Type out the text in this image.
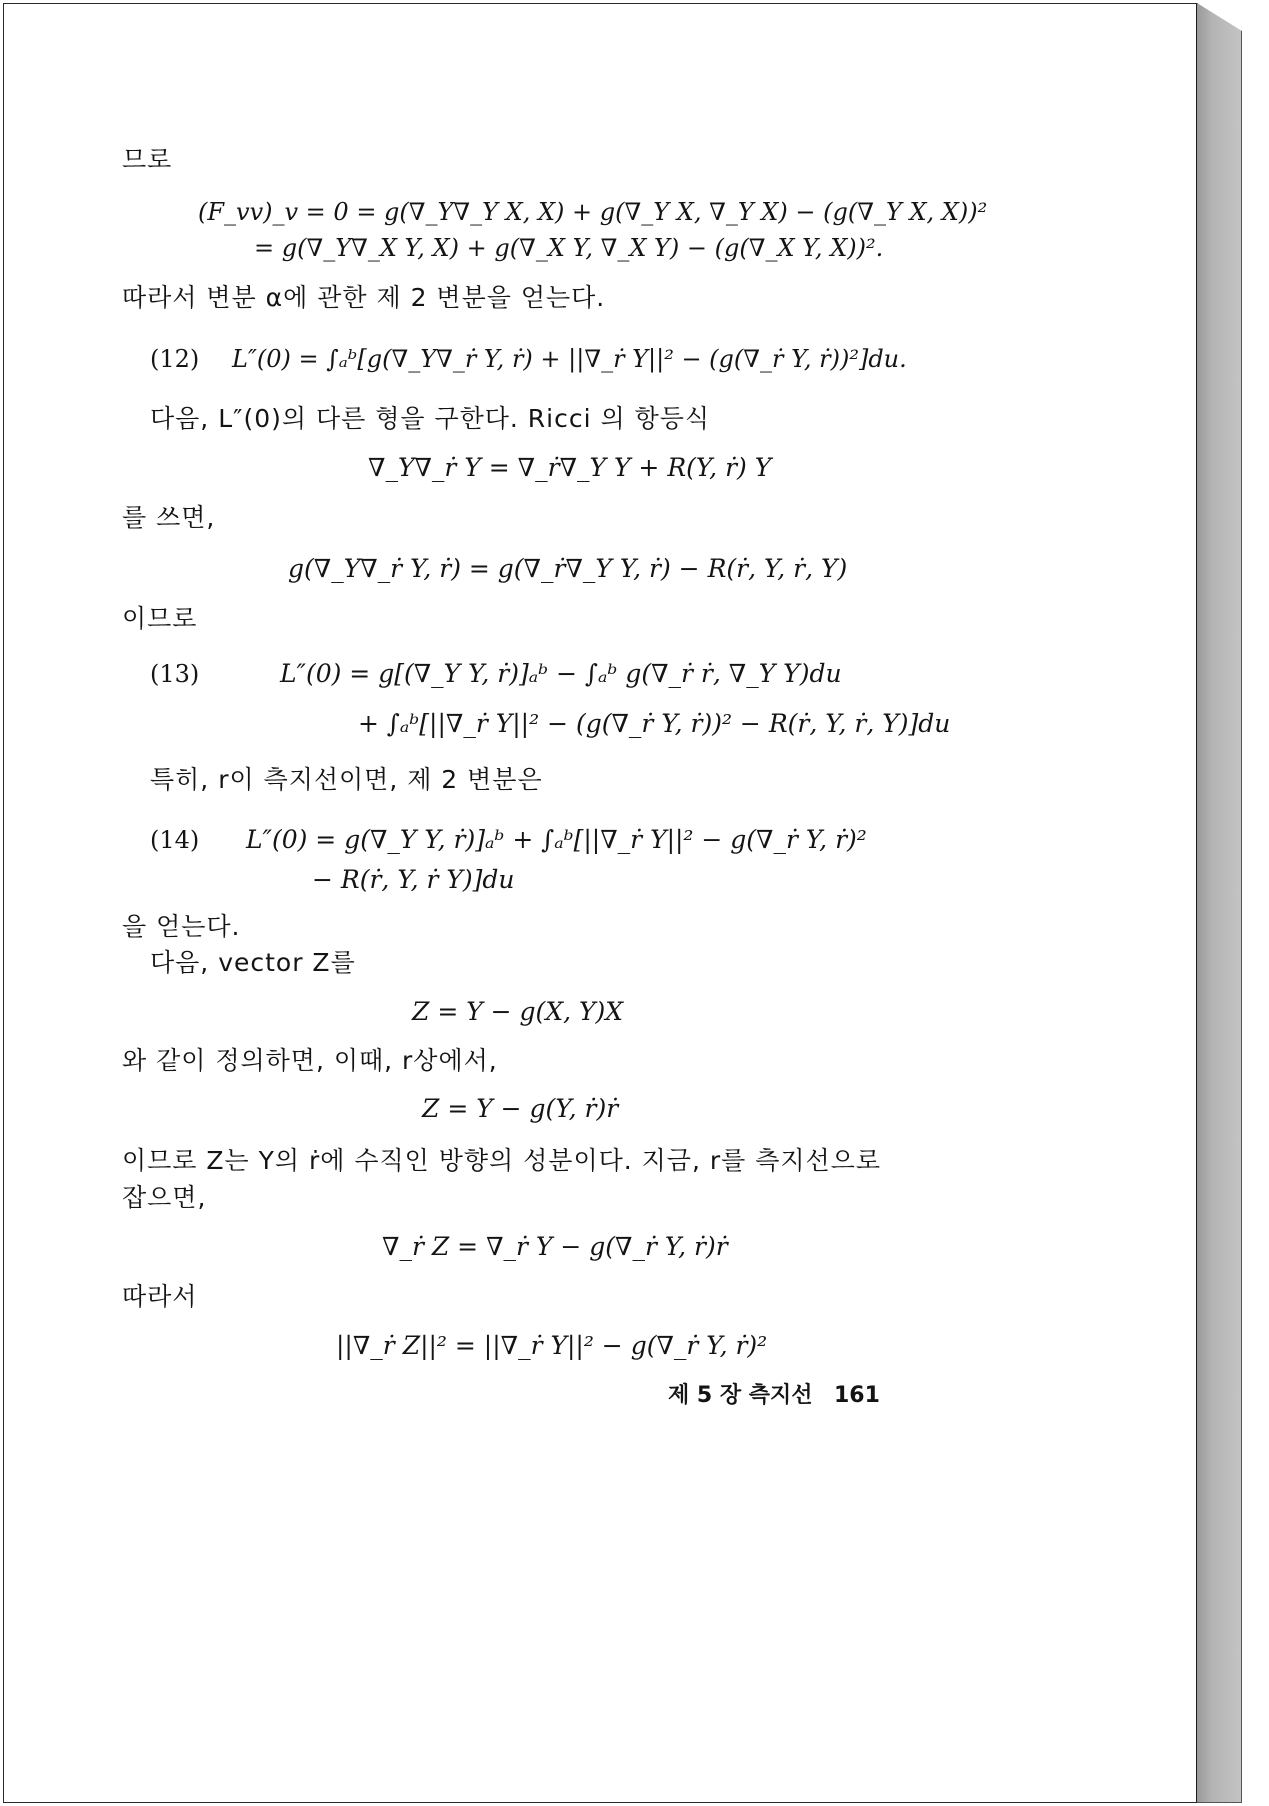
므로
(F_vv)_v = 0 = g(∇_Y∇_Y X, X) + g(∇_Y X, ∇_Y X) − (g(∇_Y X, X))²
= g(∇_Y∇_X Y, X) + g(∇_X Y, ∇_X Y) − (g(∇_X Y, X))².
따라서 변분 α에 관한 제 2 변분을 얻는다.
(12) L″(0) = ∫ₐᵇ[g(∇_Y∇_ṙ Y, ṙ) + ||∇_ṙ Y||² − (g(∇_ṙ Y, ṙ))²]du.
다음, L″(0)의 다른 형을 구한다. Ricci 의 항등식
∇_Y∇_ṙ Y = ∇_ṙ∇_Y Y + R(Y, ṙ) Y
를 쓰면,
g(∇_Y∇_ṙ Y, ṙ) = g(∇_ṙ∇_Y Y, ṙ) − R(ṙ, Y, ṙ, Y)
이므로
(13)	L″(0) = g[(∇_Y Y, ṙ)]ₐᵇ − ∫ₐᵇ g(∇_ṙ ṙ, ∇_Y Y)du
+ ∫ₐᵇ[||∇_ṙ Y||² − (g(∇_ṙ Y, ṙ))² − R(ṙ, Y, ṙ, Y)]du
특히, r이 측지선이면, 제 2 변분은
(14) L″(0) = g(∇_Y Y, ṙ)]ₐᵇ + ∫ₐᵇ[||∇_ṙ Y||² − g(∇_ṙ Y, ṙ)²
− R(ṙ, Y, ṙ Y)]du
을 얻는다.
다음, vector Z를
Z = Y − g(X, Y)X
와 같이 정의하면, 이때, r상에서,
Z = Y − g(Y, ṙ)ṙ
이므로 Z는 Y의 ṙ에 수직인 방향의 성분이다. 지금, r를 측지선으로
잡으면,
∇_ṙ Z = ∇_ṙ Y − g(∇_ṙ Y, ṙ)ṙ
따라서
||∇_ṙ Z||² = ||∇_ṙ Y||² − g(∇_ṙ Y, ṙ)²
제 5 장 측지선 161
